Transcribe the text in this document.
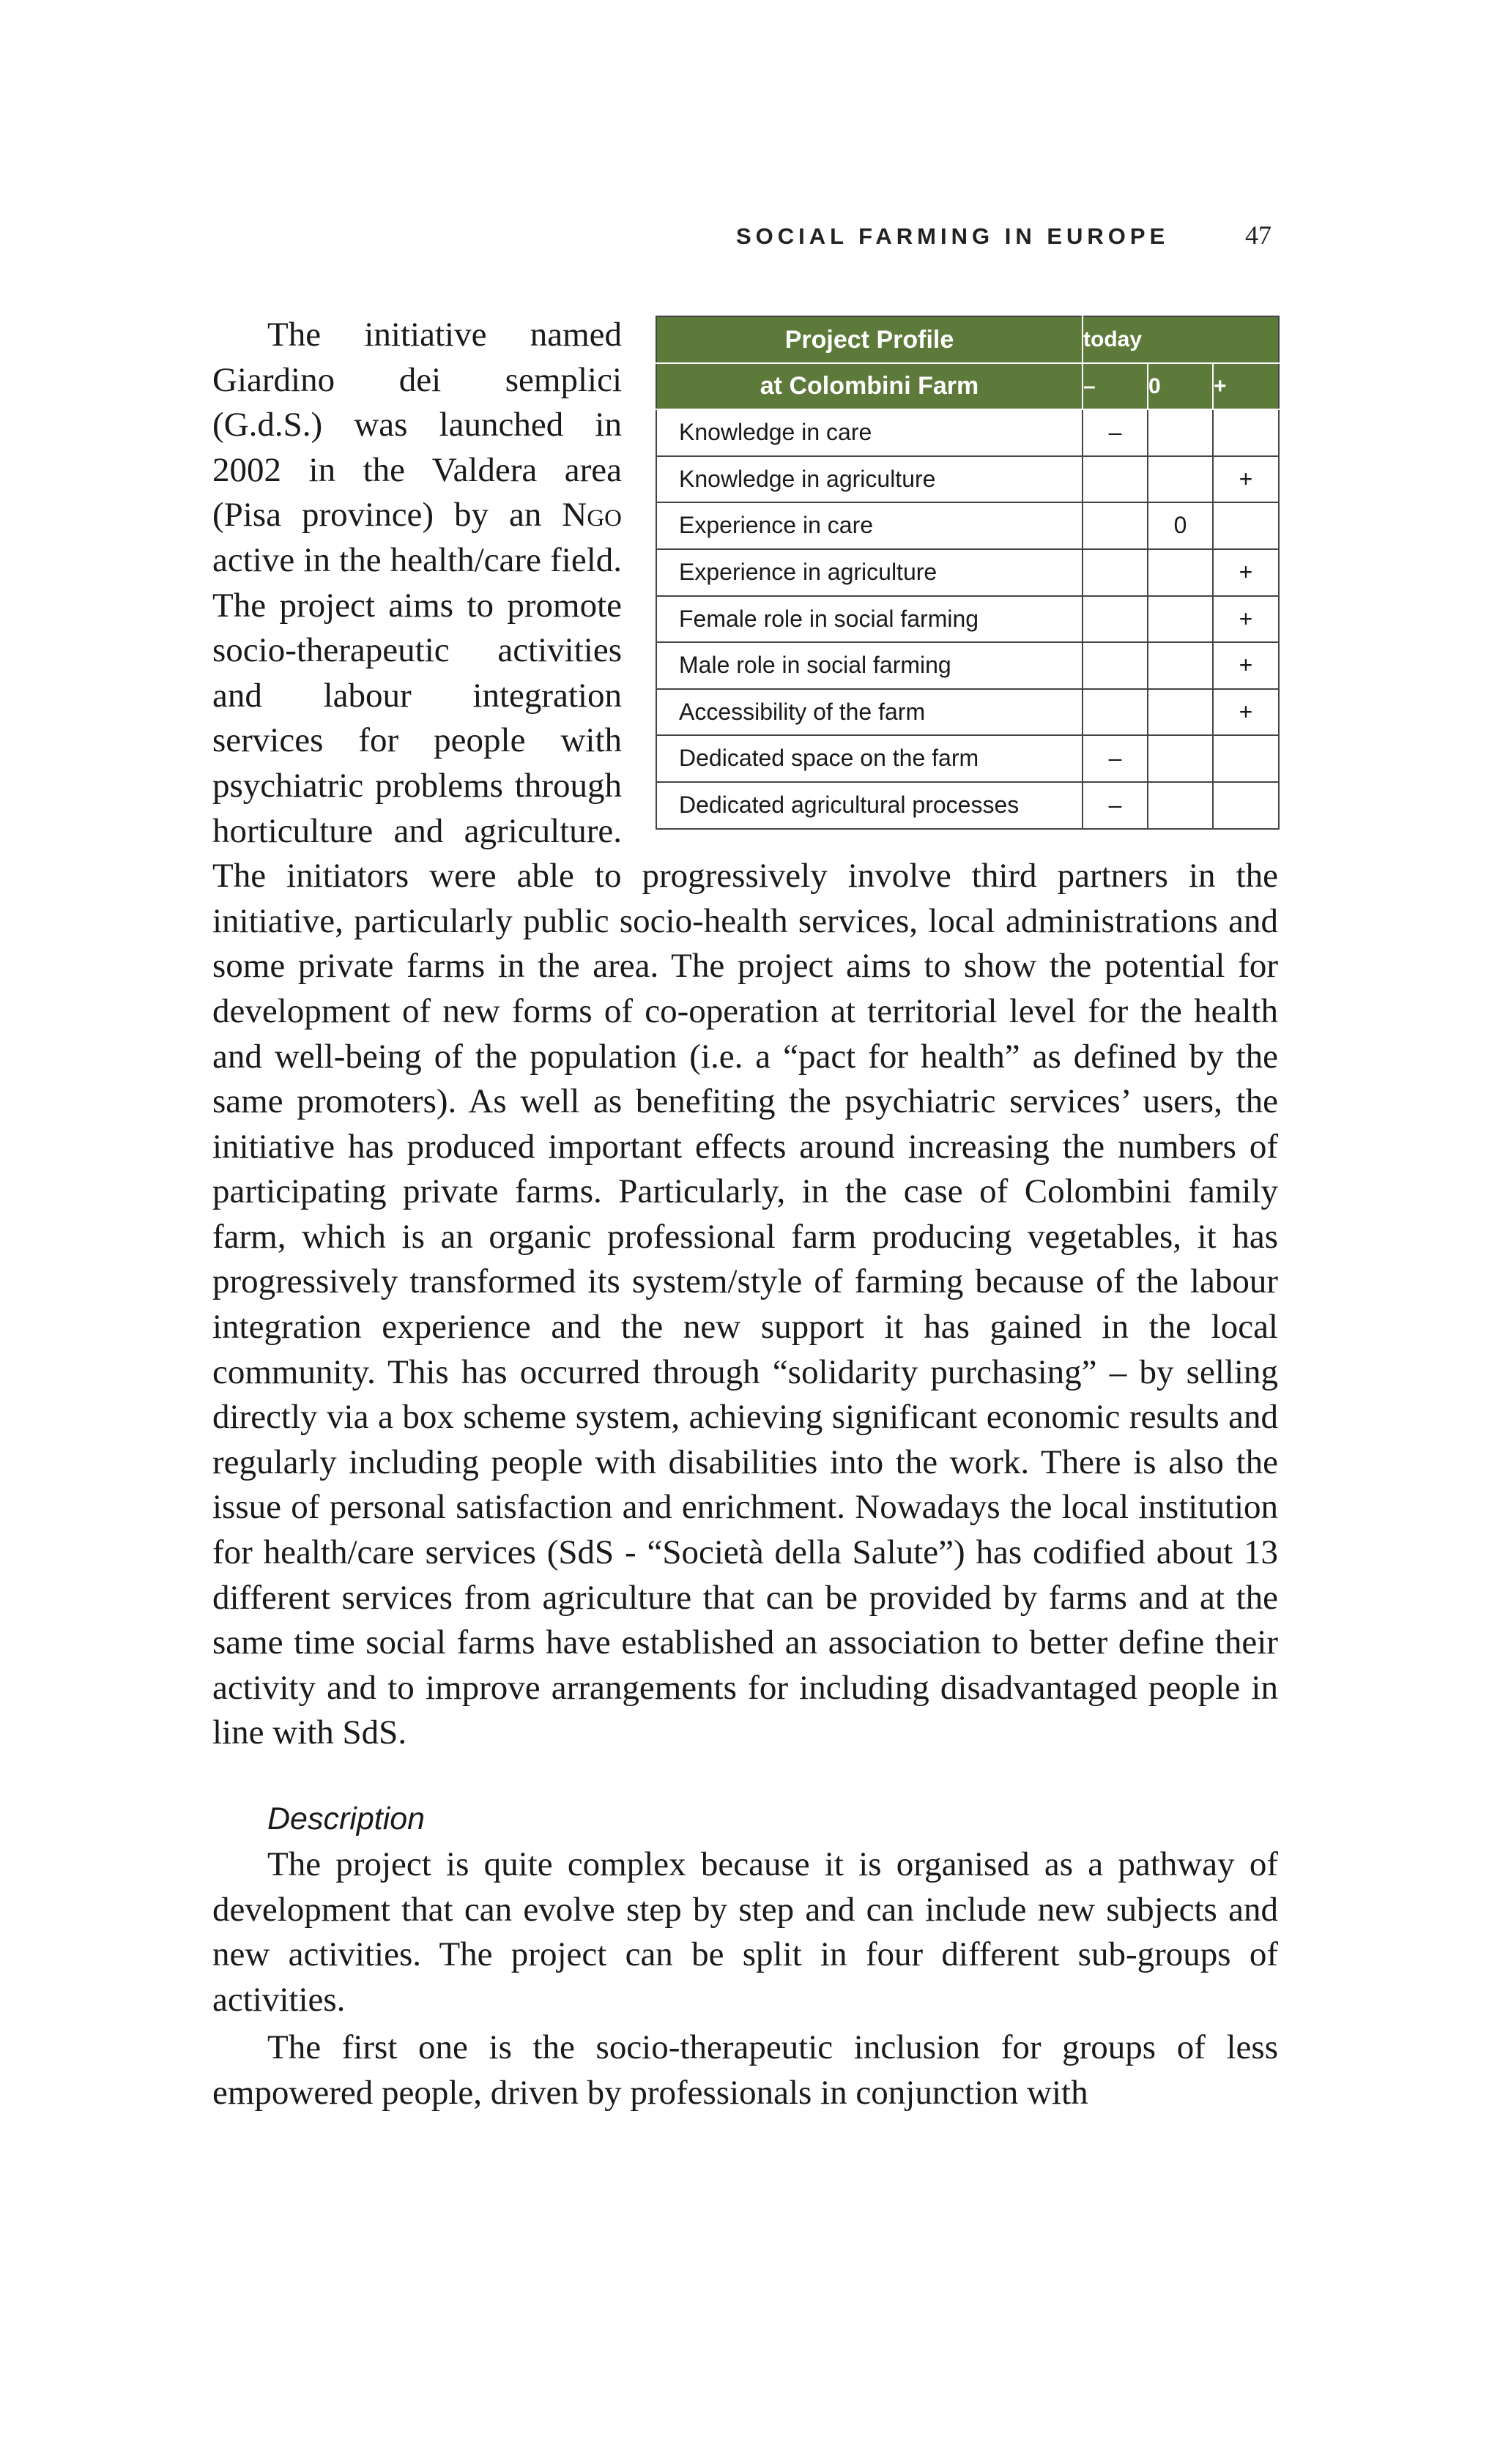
SOCIAL FARMING IN EUROPE	47
Project Profile	today		
at Colombini Farm	–	0	+
Knowledge in care	–		
Knowledge in agriculture			+
Experience in care		0	
Experience in agriculture			+
Female role in social farming			+
Male role in social farming			+
Accessibility of the farm			+
Dedicated space on the farm	–		
Dedicated agricultural processes	–		

The initiative named Giardino dei semplici (G.d.S.) was launched in 2002 in the Valdera area (Pisa province) by an Ngo active in the health/care field. The project aims to promote socio-therapeutic activities and labour integration services for people with psychiatric problems through horticulture and agriculture. The initiators were able to progressively involve third partners in the initiative, particularly public socio-health services, local administrations and some private farms in the area. The project aims to show the potential for development of new forms of co-operation at territorial level for the health and well-being of the population (i.e. a “pact for health” as defined by the same promoters). As well as benefiting the psychiatric services’ users, the initiative has produced important effects around increasing the numbers of participating private farms. Particularly, in the case of Colombini family farm, which is an organic professional farm producing vegetables, it has progressively transformed its system/style of farming because of the labour integration experience and the new support it has gained in the local community. This has occurred through “solidarity purchasing” – by selling directly via a box scheme system, achieving significant economic results and regularly including people with disabilities into the work. There is also the issue of personal satisfaction and enrichment. Nowadays the local institution for health/care services (SdS - “Società della Salute”) has codified about 13 different services from agriculture that can be provided by farms and at the same time social farms have established an association to better define their activity and to improve arrangements for including disadvantaged people in line with SdS.

Description

The project is quite complex because it is organised as a pathway of development that can evolve step by step and can include new subjects and new activities. The project can be split in four different sub-groups of activities.

The first one is the socio-therapeutic inclusion for groups of less empowered people, driven by professionals in conjunction with
